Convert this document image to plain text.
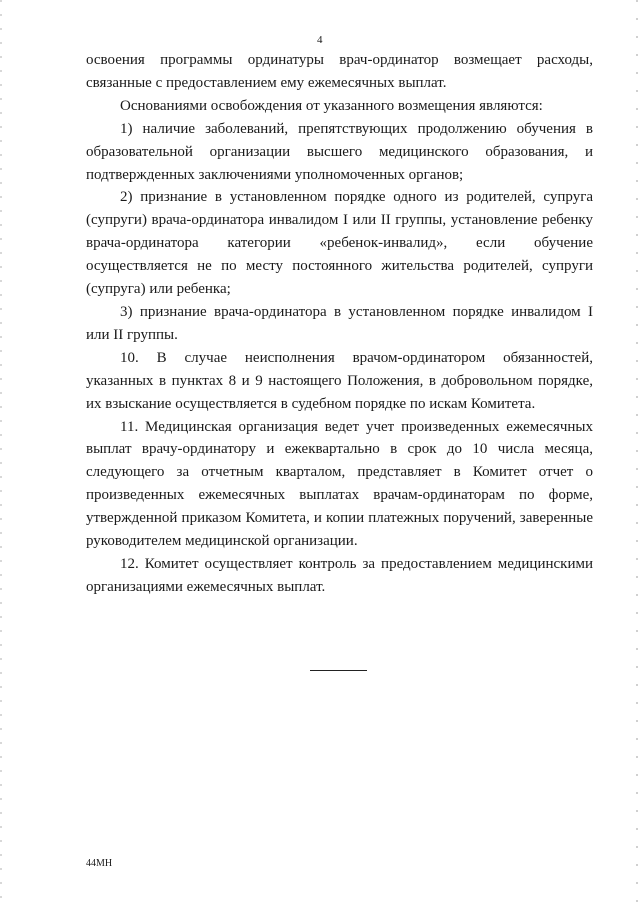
4

освоения программы ординатуры врач-ординатор возмещает расходы, связанные с предоставлением ему ежемесячных выплат.

Основаниями освобождения от указанного возмещения являются:

1) наличие заболеваний, препятствующих продолжению обучения в образовательной организации высшего медицинского образования, и подтвержденных заключениями уполномоченных органов;

2) признание в установленном порядке одного из родителей, супруга (супруги) врача-ординатора инвалидом I или II группы, установление ребенку врача-ординатора категории «ребенок-инвалид», если обучение осуществляется не по месту постоянного жительства родителей, супруги (супруга) или ребенка;

3) признание врача-ординатора в установленном порядке инвалидом I или II группы.

10. В случае неисполнения врачом-ординатором обязанностей, указанных в пунктах 8 и 9 настоящего Положения, в добровольном порядке, их взыскание осуществляется в судебном порядке по искам Комитета.

11. Медицинская организация ведет учет произведенных ежемесячных выплат врачу-ординатору и ежеквартально в срок до 10 числа месяца, следующего за отчетным кварталом, представляет в Комитет отчет о произведенных ежемесячных выплатах врачам-ординаторам по форме, утвержденной приказом Комитета, и копии платежных поручений, заверенные руководителем медицинской организации.

12. Комитет осуществляет контроль за предоставлением медицинскими организациями ежемесячных выплат.

44МН
